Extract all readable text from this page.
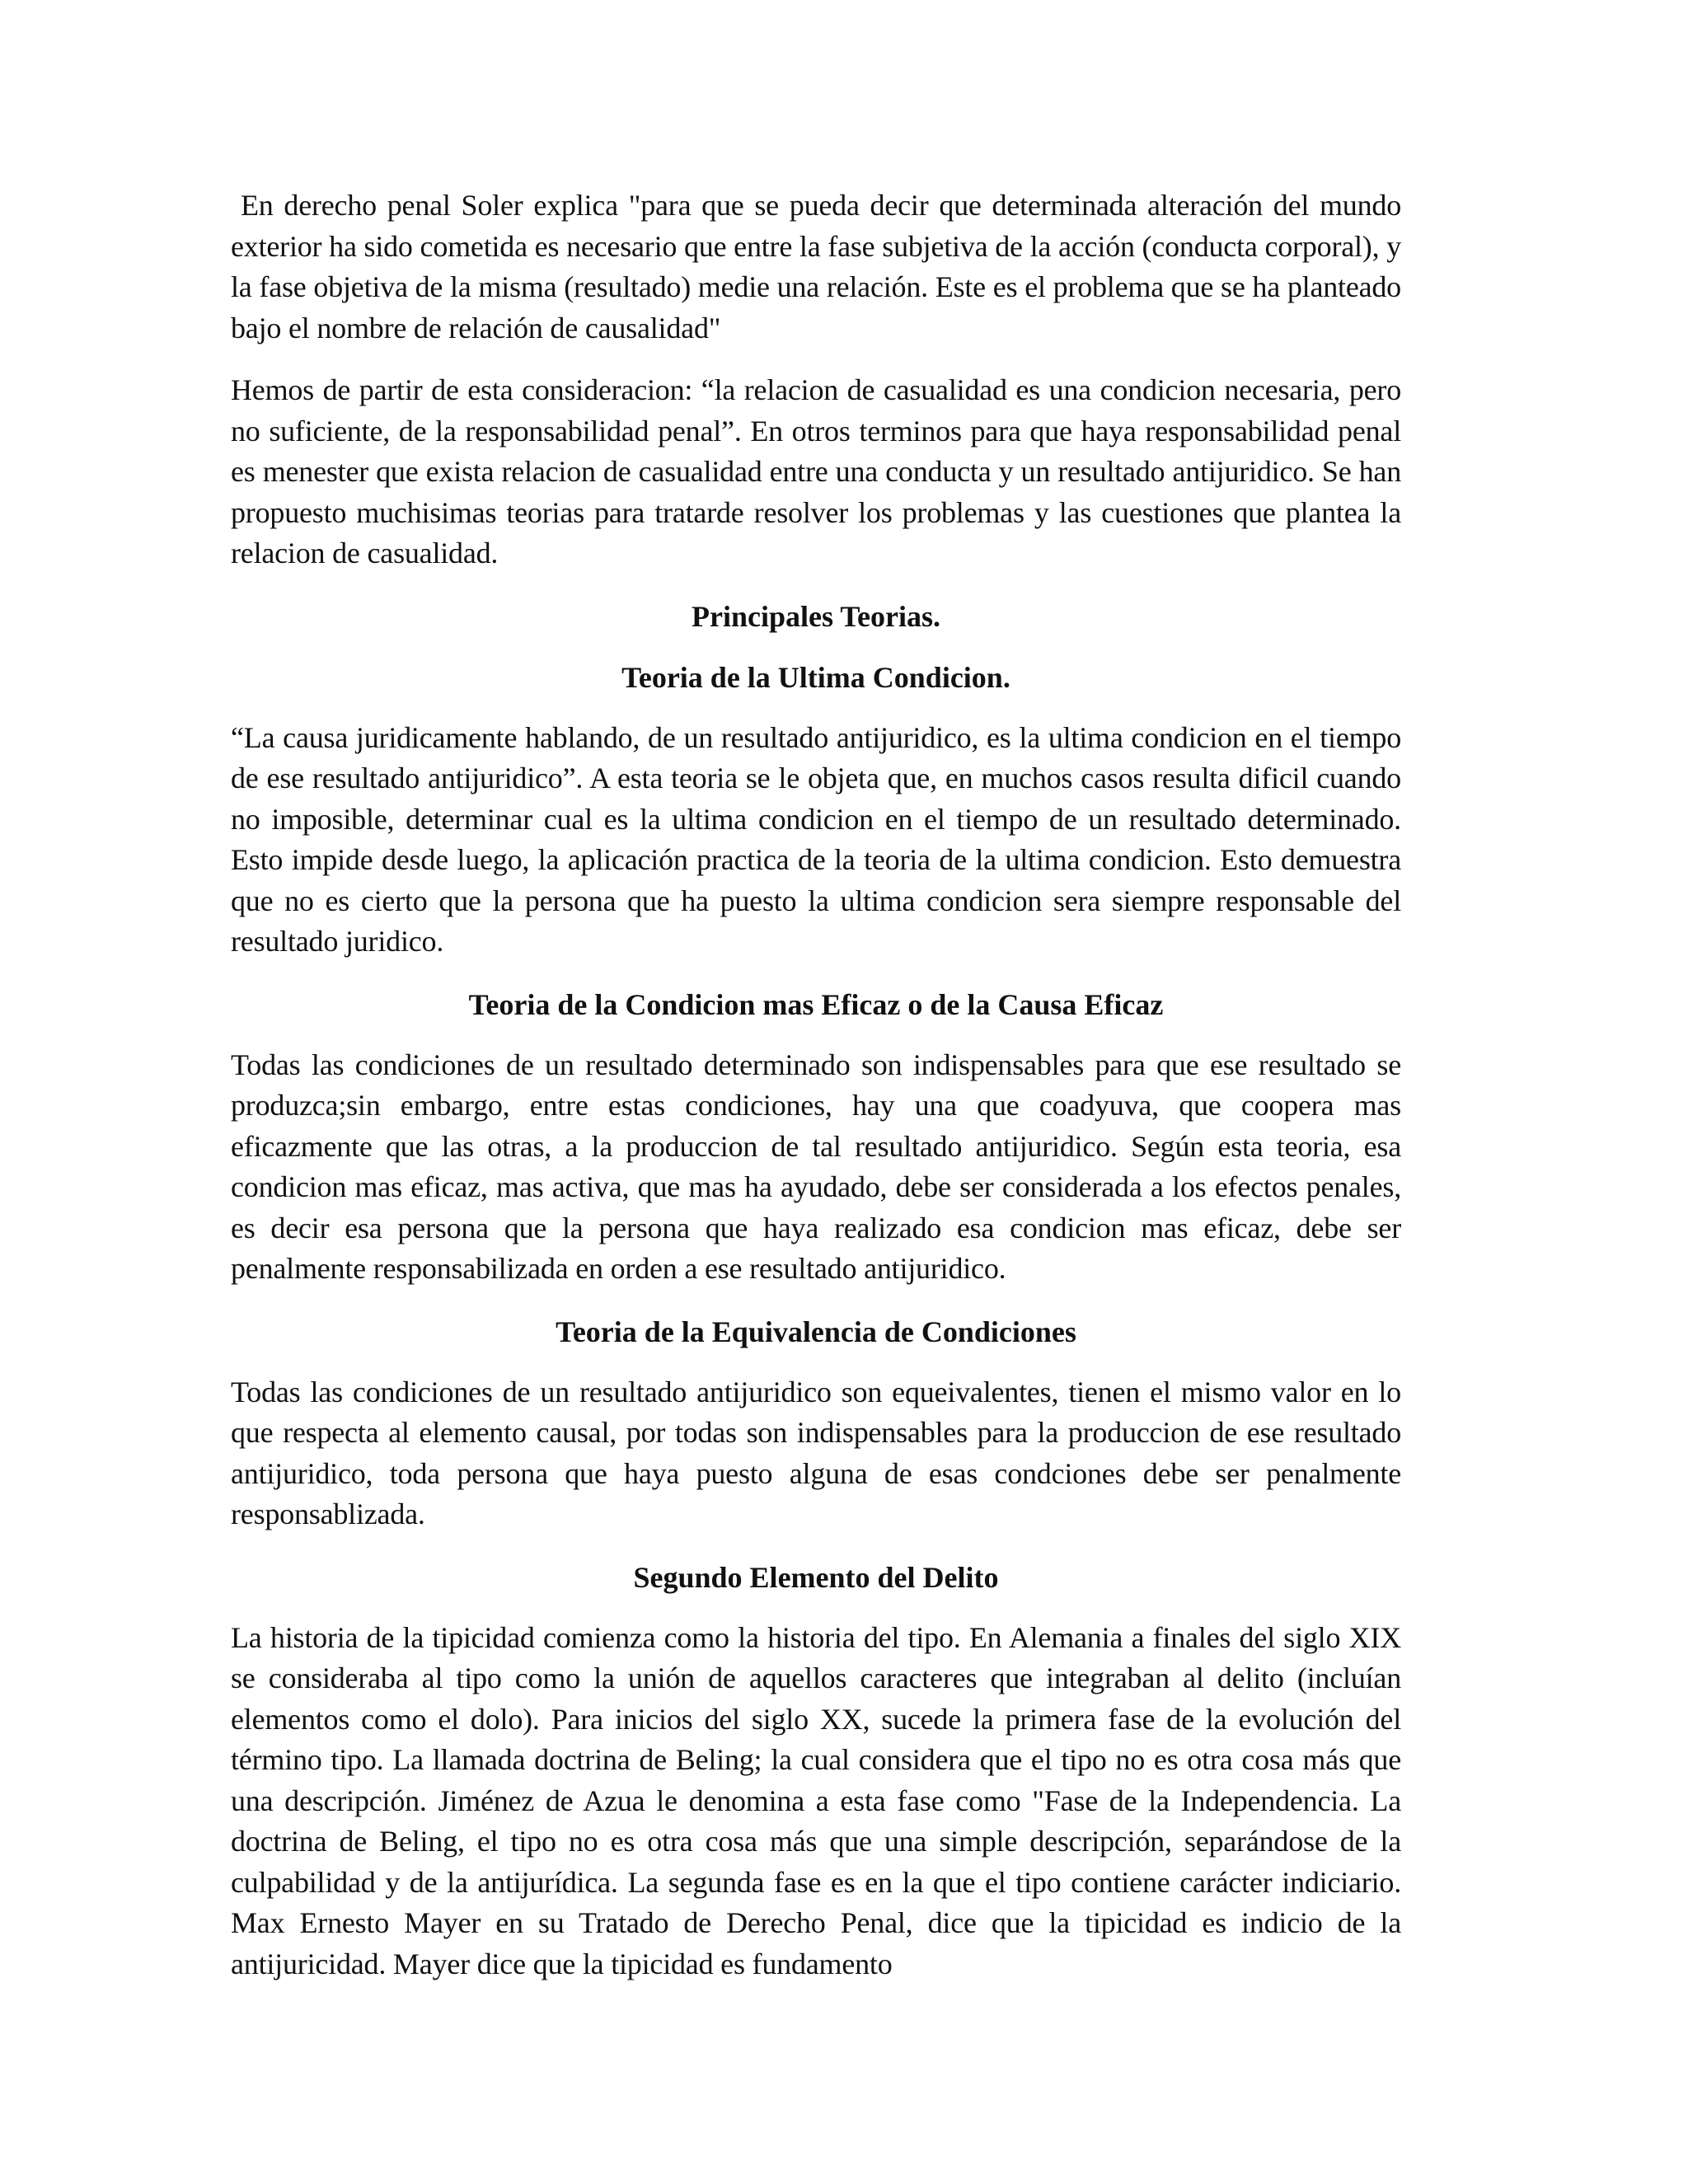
En derecho penal Soler explica "para que se pueda decir que determinada alteración del mundo exterior ha sido cometida es necesario que entre la fase subjetiva de la acción (conducta corporal), y la fase objetiva de la misma (resultado) medie una relación. Este es el problema que se ha planteado bajo el nombre de relación de causalidad"

Hemos de partir de esta consideracion: “la relacion de casualidad es una condicion necesaria, pero no suficiente, de la responsabilidad penal”. En otros terminos para que haya responsabilidad penal es menester que exista relacion de casualidad entre una conducta y un resultado antijuridico. Se han propuesto muchisimas teorias para tratarde resolver los problemas y las cuestiones que plantea la relacion de casualidad.

Principales Teorias.
Teoria de la Ultima Condicion.

“La causa juridicamente hablando, de un resultado antijuridico, es la ultima condicion en el tiempo de ese resultado antijuridico”. A esta teoria se le objeta que, en muchos casos resulta dificil cuando no imposible, determinar cual es la ultima condicion en el tiempo de un resultado determinado. Esto impide desde luego, la aplicación practica de la teoria de la ultima condicion. Esto demuestra que no es cierto que la persona que ha puesto la ultima condicion sera siempre responsable del resultado juridico.

Teoria de la Condicion mas Eficaz o de la Causa Eficaz

Todas las condiciones de un resultado determinado son indispensables para que ese resultado se produzca;sin embargo, entre estas condiciones, hay una que coadyuva, que coopera mas eficazmente que las otras, a la produccion de tal resultado antijuridico. Según esta teoria, esa condicion mas eficaz, mas activa, que mas ha ayudado, debe ser considerada a los efectos penales, es decir esa persona que la persona que haya realizado esa condicion mas eficaz, debe ser penalmente responsabilizada en orden a ese resultado antijuridico.

Teoria de la Equivalencia de Condiciones

Todas las condiciones de un resultado antijuridico son equeivalentes, tienen el mismo valor en lo que respecta al elemento causal, por todas son indispensables para la produccion de ese resultado antijuridico, toda persona que haya puesto alguna de esas condciones debe ser penalmente responsablizada.

Segundo Elemento del Delito

La historia de la tipicidad comienza como la historia del tipo. En Alemania a finales del siglo XIX se consideraba al tipo como la unión de aquellos caracteres que integraban al delito (incluían elementos como el dolo). Para inicios del siglo XX, sucede la primera fase de la evolución del término tipo. La llamada doctrina de Beling; la cual considera que el tipo no es otra cosa más que una descripción. Jiménez de Azua le denomina a esta fase como "Fase de la Independencia. La doctrina de Beling, el tipo no es otra cosa más que una simple descripción, separándose de la culpabilidad y de la antijurídica. La segunda fase es en la que el tipo contiene carácter indiciario. Max Ernesto Mayer en su Tratado de Derecho Penal, dice que la tipicidad es indicio de la antijuricidad. Mayer dice que la tipicidad es fundamento
